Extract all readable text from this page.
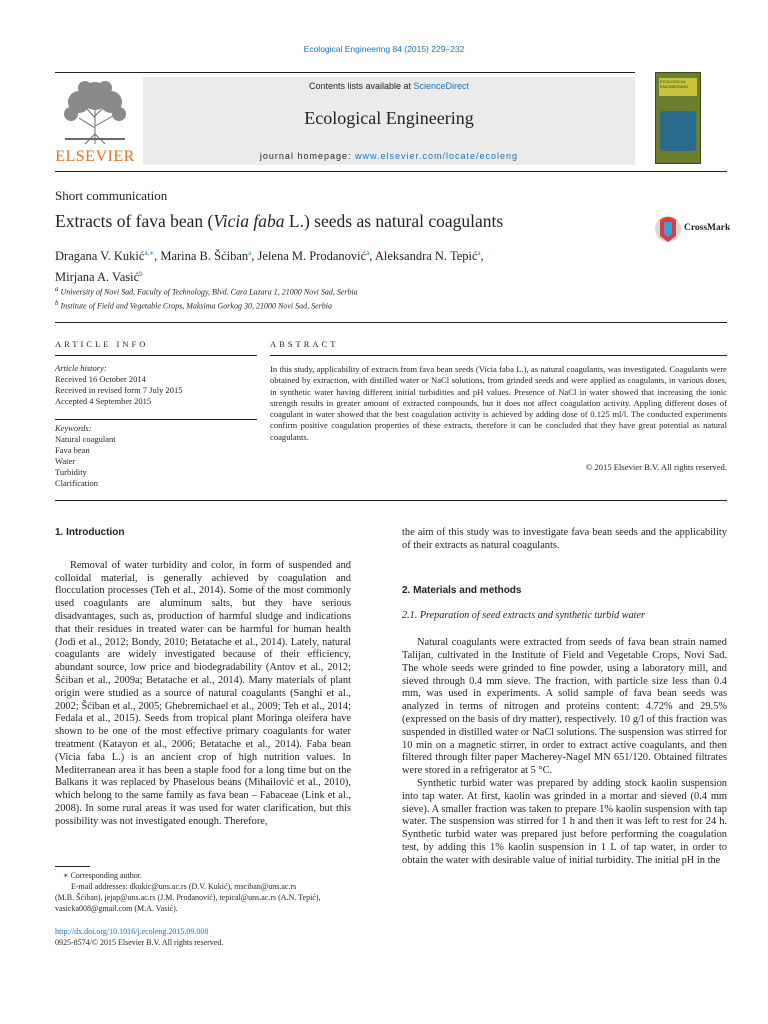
Ecological Engineering 84 (2015) 229–232
ELSEVIER
Contents lists available at ScienceDirect
Ecological Engineering
journal homepage: www.elsevier.com/locate/ecoleng
ECOLOGICAL ENGINEERING
Short communication
Extracts of fava bean (Vicia faba L.) seeds as natural coagulants	CrossMark
Dragana V. Kukić$^{a,∗}$, Marina B. Šćiban$^a$, Jelena M. Prodanović$^a$, Aleksandra N. Tepić$^a$,
Mirjana A. Vasić$^b$
$^a$ University of Novi Sad, Faculty of Technology, Blvd. Cara Lazara 1, 21000 Novi Sad, Serbia
$^b$ Institute of Field and Vegetable Crops, Maksima Gorkog 30, 21000 Novi Sad, Serbia
ARTICLE INFO	ABSTRACT
Article history:
Received 16 October 2014
Received in revised form 7 July 2015
Accepted 4 September 2015
Keywords:
Natural coagulant
Fava bean
Water
Turbidity
Clarification
In this study, applicability of extracts from fava bean seeds (Vicia faba L.), as natural coagulants, was investigated. Coagulants were obtained by extraction, with distilled water or NaCl solutions, from grinded seeds and were applied as coagulants, in various doses, in synthetic water having different initial turbidities and pH values. Presence of NaCl in water showed that increasing the ionic strength results in greater amount of extracted compounds, but it does not affect coagulation activity. Appling different doses of coagulant in water showed that the best coagulation activity is achieved by adding dose of 0.125 ml/l. The conducted experiments confirm positive coagulation properties of these extracts, therefore it can be concluded that they have great potential as natural coagulants.
© 2015 Elsevier B.V. All rights reserved.
1. Introduction

Removal of water turbidity and color, in form of suspended and colloidal material, is generally achieved by coagulation and flocculation processes (Teh et al., 2014). Some of the most commonly used coagulants are aluminum salts, but they have serious disadvantages, such as, production of harmful sludge and indications that their residues in treated water can be harmful for human health (Jodi et al., 2012; Bondy, 2010; Betatache et al., 2014). Lately, natural coagulants are widely investigated because of their efficiency, abundant source, low price and biodegradability (Antov et al., 2012; Šćiban et al., 2009a; Betatache et al., 2014). Many materials of plant origin were studied as a source of natural coagulants (Sanghi et al., 2002; Šćiban et al., 2005; Ghebremichael et al., 2009; Teh et al., 2014; Fedala et al., 2015). Seeds from tropical plant Moringa oleifera have shown to be one of the most effective primary coagulants for water treatment (Katayon et al., 2006; Betatache et al., 2014). Faba bean (Vicia faba L.) is an ancient crop of high nutrition values. In Mediterranean area it has been a staple food for a long time but on the Balkans it was replaced by Phaselous beans (Mihailović et al., 2010), which belong to the same family as fava bean – Fabaceae (Link et al., 2008). In some rural areas it was used for water clarification, but this possibility was not investigated enough. Therefore,

the aim of this study was to investigate fava bean seeds and the applicability of their extracts as natural coagulants.

2. Materials and methods
2.1. Preparation of seed extracts and synthetic turbid water

Natural coagulants were extracted from seeds of fava bean strain named Talijan, cultivated in the Institute of Field and Vegetable Crops, Novi Sad. The whole seeds were grinded to fine powder, using a laboratory mill, and sieved through 0.4 mm sieve. The fraction, with particle size less than 0.4 mm, was used in experiments. A solid sample of fava bean seeds was analyzed in terms of nitrogen and proteins content: 4.72% and 29.5% (expressed on the basis of dry matter), respectively. 10 g/l of this fraction was suspended in distilled water or NaCl solutions. The suspension was stirred for 10 min on a magnetic stirrer, in order to extract active coagulants, and then filtered through filter paper Macherey-Nagel MN 651/120. Obtained filtrates were stored in a refrigerator at 5 °C.

Synthetic turbid water was prepared by adding stock kaolin suspension into tap water. At first, kaolin was grinded in a mortar and sieved (0.4 mm sieve). A smaller fraction was taken to prepare 1% kaolin suspension with tap water. The suspension was stirred for 1 h and then it was left to rest for 24 h. Synthetic turbid water was prepared just before performing the coagulation test, by adding this 1% kaolin suspension in 1 L of tap water, in order to obtain the water with desirable value of initial turbidity. The initial pH in the

∗ Corresponding author.
E-mail addresses: dkukic@uns.ac.rs (D.V. Kukić), msciban@uns.ac.rs
(M.B. Šćiban), jejap@uns.ac.rs (J.M. Prodanović), tepical@uns.ac.rs (A.N. Tepić),
vasicka008@gmail.com (M.A. Vasić).
http://dx.doi.org/10.1016/j.ecoleng.2015.09.008
0925-8574/© 2015 Elsevier B.V. All rights reserved.
